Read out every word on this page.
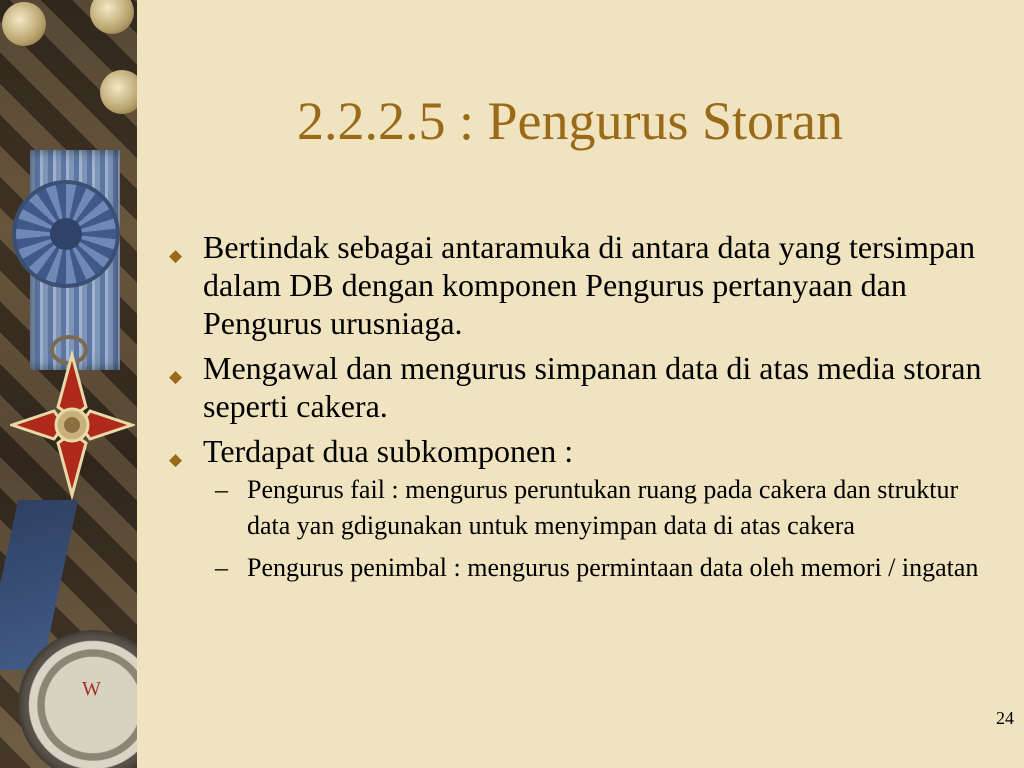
W
2.2.2.5 : Pengurus Storan
◆ Bertindak sebagai antaramuka di antara data yang tersimpan dalam DB dengan komponen Pengurus pertanyaan dan Pengurus urusniaga.
◆ Mengawal dan mengurus simpanan data di atas media storan seperti cakera.
◆ Terdapat dua subkomponen :
– Pengurus fail : mengurus peruntukan ruang pada cakera dan struktur data yan gdigunakan untuk menyimpan data di atas cakera
– Pengurus penimbal : mengurus permintaan data oleh memori / ingatan
24
